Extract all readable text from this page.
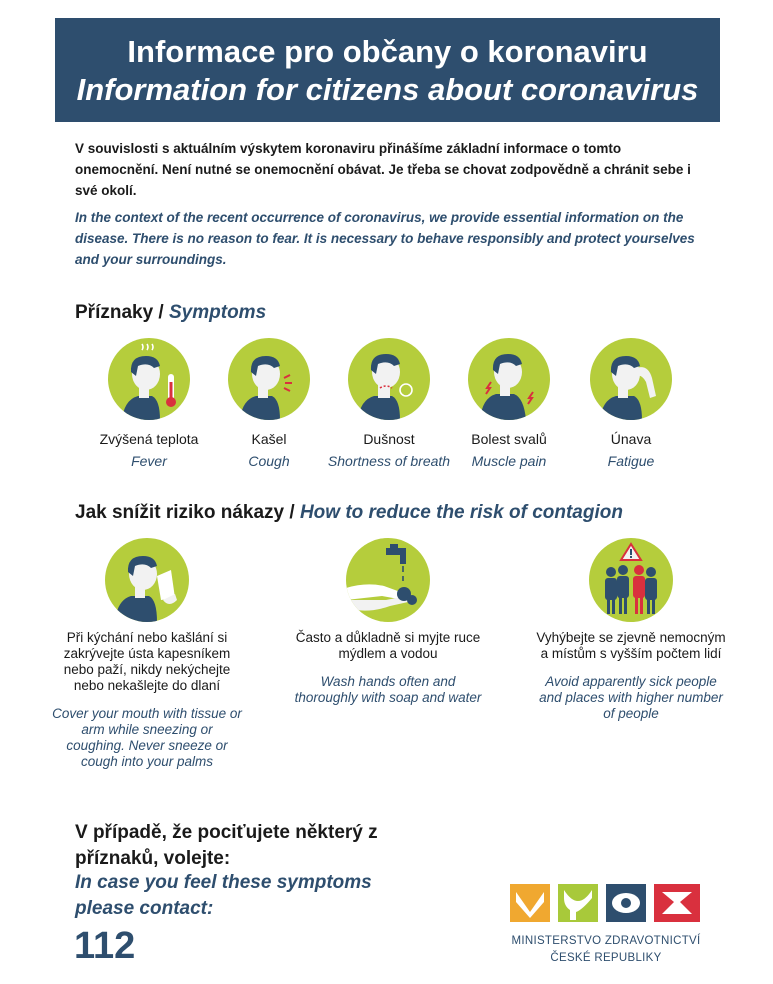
Informace pro občany o koronaviru
Information for citizens about coronavirus
V souvislosti s aktuálním výskytem koronaviru přinášíme základní informace o tomto onemocnění. Není nutné se onemocnění obávat. Je třeba se chovat zodpovědně a chránit sebe i své okolí.
In the context of the recent occurrence of coronavirus, we provide essential information on the disease. There is no reason to fear. It is necessary to behave responsibly and protect yourselves and your surroundings.
Příznaky / Symptoms
Zvýšená teplota
Fever
Kašel
Cough
Dušnost
Shortness of breath
Bolest svalů
Muscle pain
Únava
Fatigue
Jak snížit riziko nákazy / How to reduce the risk of contagion
Při kýchání nebo kašlání si zakrývejte ústa kapesníkem nebo paží, nikdy nekýchejte nebo nekašlejte do dlaní
Cover your mouth with tissue or arm while sneezing or coughing. Never sneeze or cough into your palms
Často a důkladně si myjte ruce mýdlem a vodou
Wash hands often and thoroughly with soap and water
Vyhýbejte se zjevně nemocným a místům s vyšším počtem lidí
Avoid apparently sick people and places with higher number of people
V případě, že pociťujete některý z příznaků, volejte:
In case you feel these symptoms please contact:
112	MINISTERSTVO ZDRAVOTNICTVÍ
ČESKÉ REPUBLIKY
